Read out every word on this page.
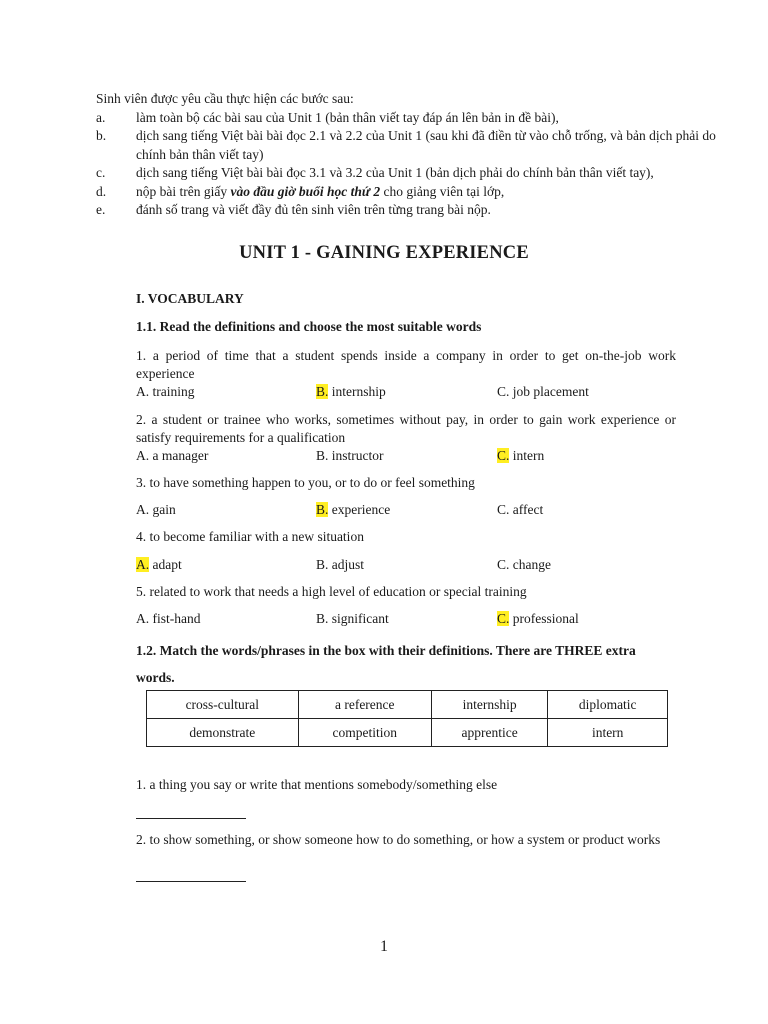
Sinh viên được yêu cầu thực hiện các bước sau:

a. làm toàn bộ các bài sau của Unit 1 (bản thân viết tay đáp án lên bản in đề bài),
b. dịch sang tiếng Việt bài bài đọc 2.1 và 2.2 của Unit 1 (sau khi đã điền từ vào chỗ trống, và bản dịch phải do chính bản thân viết tay)
c. dịch sang tiếng Việt bài bài đọc 3.1 và 3.2 của Unit 1 (bản dịch phải do chính bản thân viết tay),
d. nộp bài trên giấy vào đầu giờ buổi học thứ 2 cho giảng viên tại lớp,
e. đánh số trang và viết đầy đủ tên sinh viên trên từng trang bài nộp.
UNIT 1 - GAINING EXPERIENCE
I. VOCABULARY
1.1. Read the definitions and choose the most suitable words
1. a period of time that a student spends inside a company in order to get on-the-job work experience
A. training	B. internship	C. job placement
2. a student or trainee who works, sometimes without pay, in order to gain work experience or satisfy requirements for a qualification
A. a manager	B. instructor	C. intern
3. to have something happen to you, or to do or feel something
A. gain	B. experience	C. affect
4. to become familiar with a new situation
A. adapt	B. adjust	C. change
5. related to work that needs a high level of education or special training
A. fist-hand	B. significant	C. professional
1.2. Match the words/phrases in the box with their definitions. There are THREE extra words.
cross-cultural	a reference	internship	diplomatic
demonstrate	competition	apprentice	intern
1. a thing you say or write that mentions somebody/something else
2. to show something, or show someone how to do something, or how a system or product works
1
